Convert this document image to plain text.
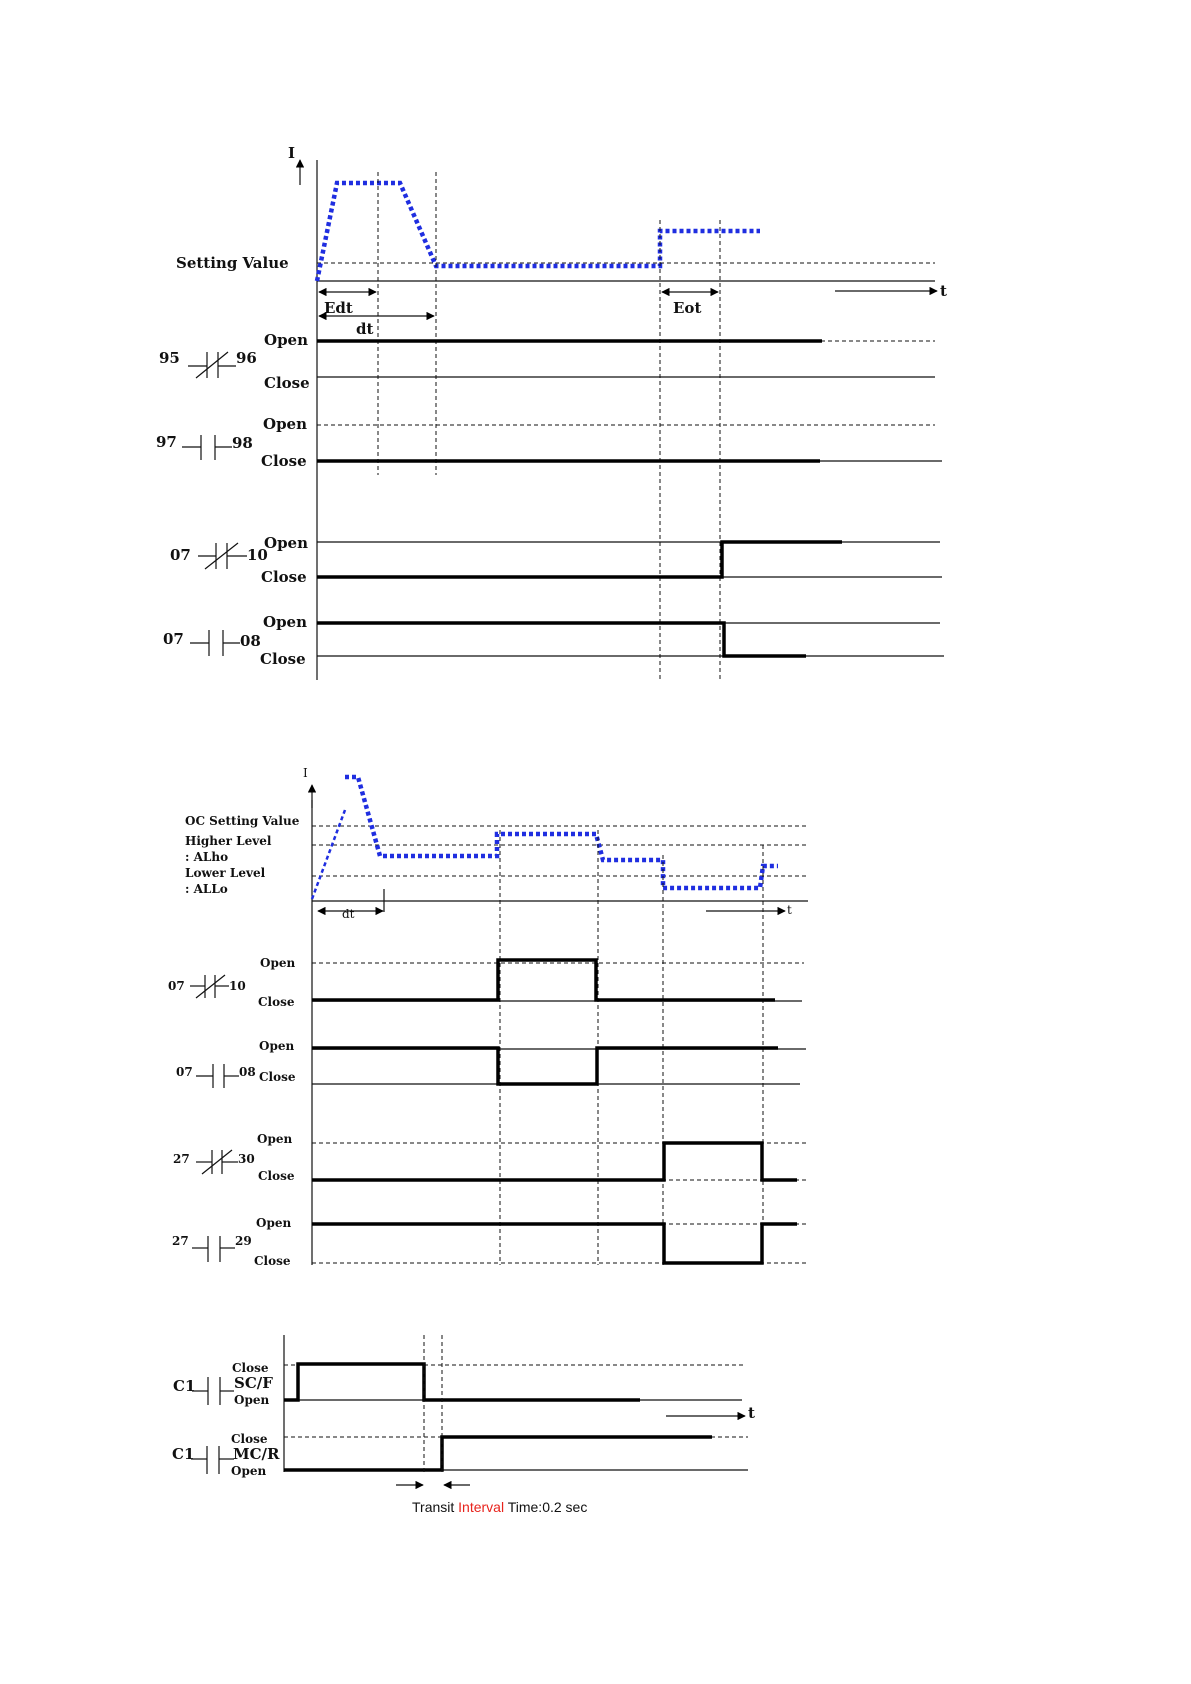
I
Setting Value
t
Edt
dt
Eot
95	96
Open
Close
97	98
Open
Close
07	10
Open
Close
07	08
Open
Close
I
OC Setting Value
Higher Level
: ALho
Lower Level
: ALLo
t
dt
07	10
Open
Close
07	08
Open
Close
27	30
Open
Close
27	29
Open
Close
C1
Close
SC/F
Open
t
C1
Close
MC/R
Open
Transit Interval Time:0.2 sec
